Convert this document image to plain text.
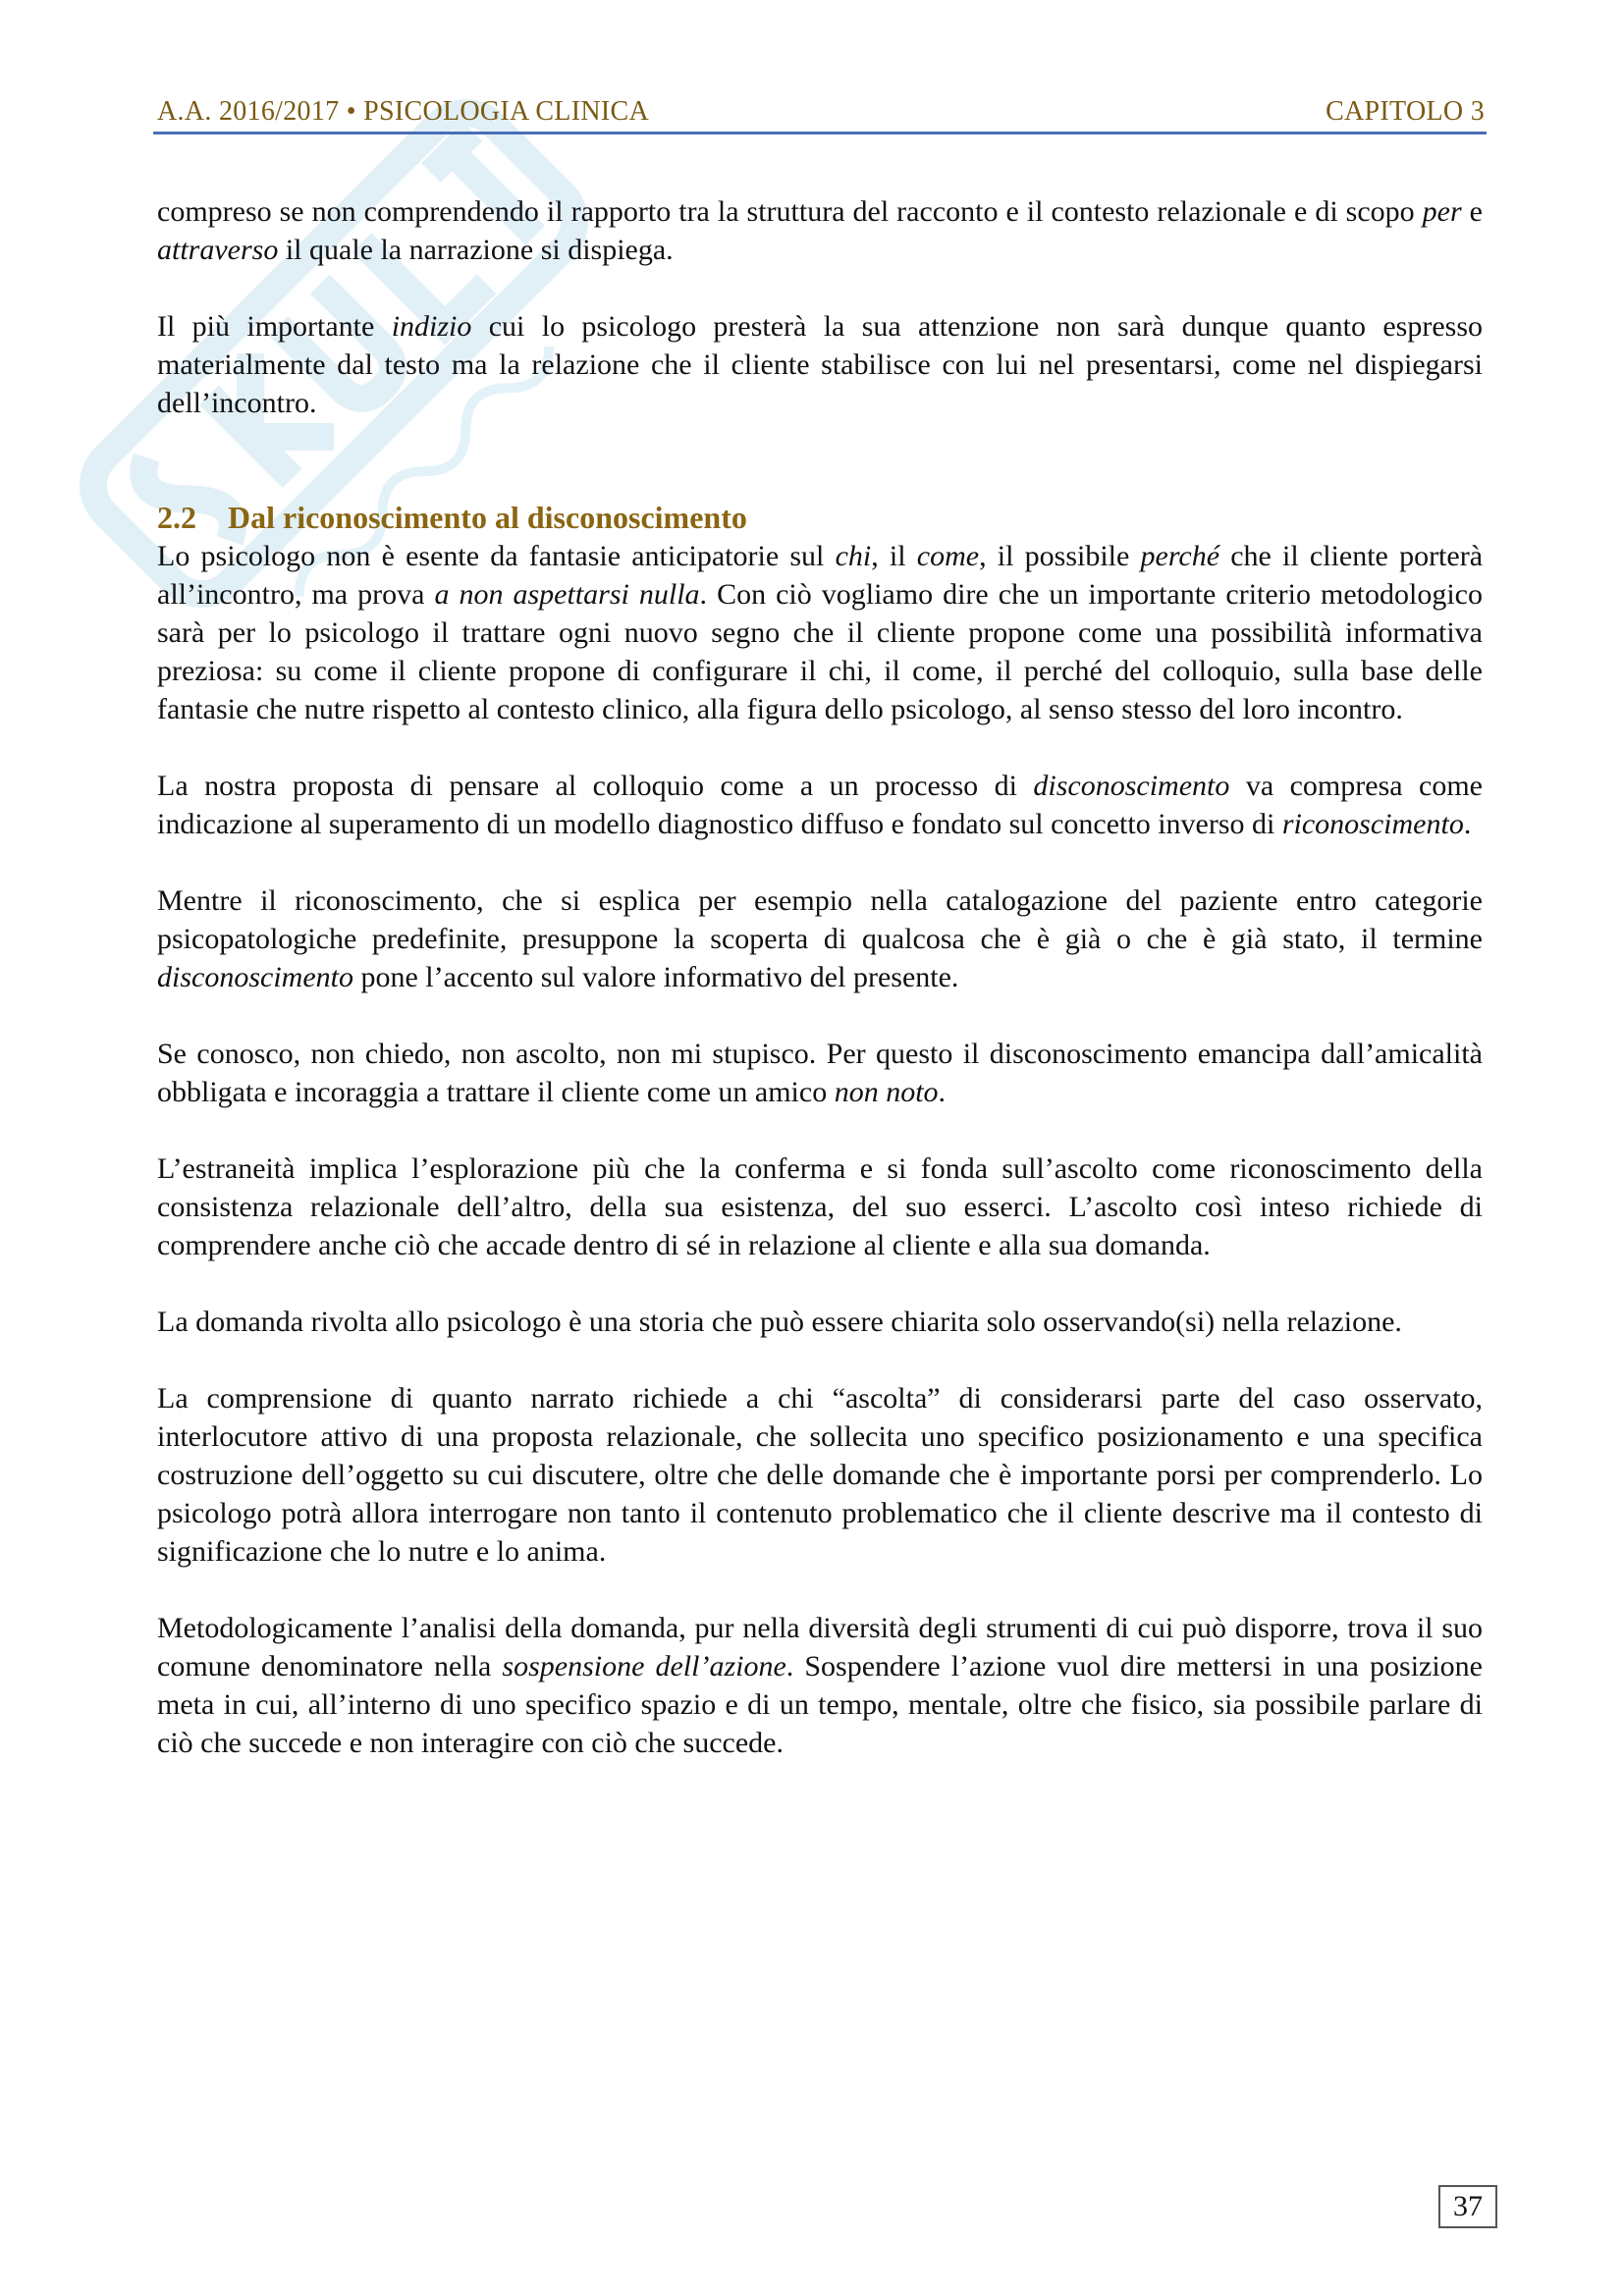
A.A. 2016/2017 • PSICOLOGIA CLINICA	CAPITOLO 3

compreso se non comprendendo il rapporto tra la struttura del racconto e il contesto relazionale e di scopo per e attraverso il quale la narrazione si dispiega.

Il più importante indizio cui lo psicologo presterà la sua attenzione non sarà dunque quanto espresso materialmente dal testo ma la relazione che il cliente stabilisce con lui nel presentarsi, come nel dispiegarsi dell’incontro.

2.2 Dal riconoscimento al disconoscimento

Lo psicologo non è esente da fantasie anticipatorie sul chi, il come, il possibile perché che il cliente porterà all’incontro, ma prova a non aspettarsi nulla. Con ciò vogliamo dire che un importante criterio metodologico sarà per lo psicologo il trattare ogni nuovo segno che il cliente propone come una possibilità informativa preziosa: su come il cliente propone di configurare il chi, il come, il perché del colloquio, sulla base delle fantasie che nutre rispetto al contesto clinico, alla figura dello psicologo, al senso stesso del loro incontro.

La nostra proposta di pensare al colloquio come a un processo di disconoscimento va compresa come indicazione al superamento di un modello diagnostico diffuso e fondato sul concetto inverso di riconoscimento.

Mentre il riconoscimento, che si esplica per esempio nella catalogazione del paziente entro categorie psicopatologiche predefinite, presuppone la scoperta di qualcosa che è già o che è già stato, il termine disconoscimento pone l’accento sul valore informativo del presente.

Se conosco, non chiedo, non ascolto, non mi stupisco. Per questo il disconoscimento emancipa dall’amicalità obbligata e incoraggia a trattare il cliente come un amico non noto.

L’estraneità implica l’esplorazione più che la conferma e si fonda sull’ascolto come riconoscimento della consistenza relazionale dell’altro, della sua esistenza, del suo esserci. L’ascolto così inteso richiede di comprendere anche ciò che accade dentro di sé in relazione al cliente e alla sua domanda.

La domanda rivolta allo psicologo è una storia che può essere chiarita solo osservando(si) nella relazione.

La comprensione di quanto narrato richiede a chi “ascolta” di considerarsi parte del caso osservato, interlocutore attivo di una proposta relazionale, che sollecita uno specifico posizionamento e una specifica costruzione dell’oggetto su cui discutere, oltre che delle domande che è importante porsi per comprenderlo. Lo psicologo potrà allora interrogare non tanto il contenuto problematico che il cliente descrive ma il contesto di significazione che lo nutre e lo anima.

Metodologicamente l’analisi della domanda, pur nella diversità degli strumenti di cui può disporre, trova il suo comune denominatore nella sospensione dell’azione. Sospendere l’azione vuol dire mettersi in una posizione meta in cui, all’interno di uno specifico spazio e di un tempo, mentale, oltre che fisico, sia possibile parlare di ciò che succede e non interagire con ciò che succede.

37
